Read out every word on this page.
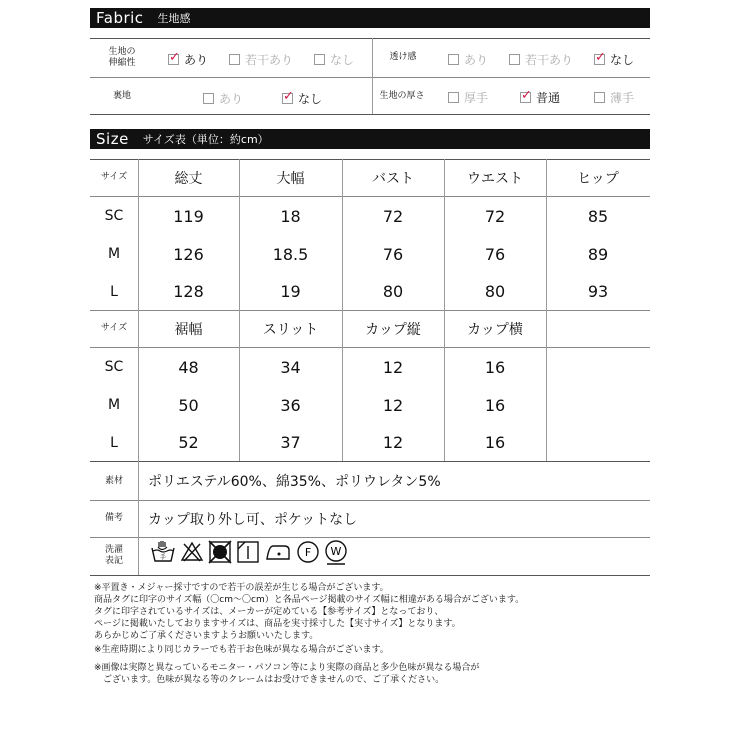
Fabric 生地感
生地の
伸縮性	✓ あり	若干あり	なし	透け感	あり	若干あり ✓ なし
裏地	あり	✓ なし	生地の厚さ	厚手	✓ 普通	薄手
Size サイズ表（単位：約cm）
サイズ	総丈	大幅	バスト	ウエスト	ヒップ
SC	119	18	72	72	85
M	126	18.5	76	76	89
L	128	19	80	80	93
サイズ	裾幅	スリット	カップ縦	カップ横
SC	48	34	12	16
M	50	36	12	16
L	52	37	12	16
素材	ポリエステル60%、綿35%、ポリウレタン5%
備考	カップ取り外し可、ポケットなし
洗濯
表記	手	F W
※平置き・メジャー採寸ですので若干の誤差が生じる場合がございます。
商品タグに印字のサイズ幅（〇cm〜〇cm）と各品ページ掲載のサイズ幅に相違がある場合がございます。
タグに印字されているサイズは、メーカーが定めている【参考サイズ】となっており、
ページに掲載いたしておりますサイズは、商品を実寸採寸した【実寸サイズ】となります。
あらかじめご了承くださいますようお願いいたします。
※生産時期により同じカラーでも若干お色味が異なる場合がございます。
※画像は実際と異なっているモニター・パソコン等により実際の商品と多少色味が異なる場合が
　ございます。色味が異なる等のクレームはお受けできませんので、ご了承ください。
